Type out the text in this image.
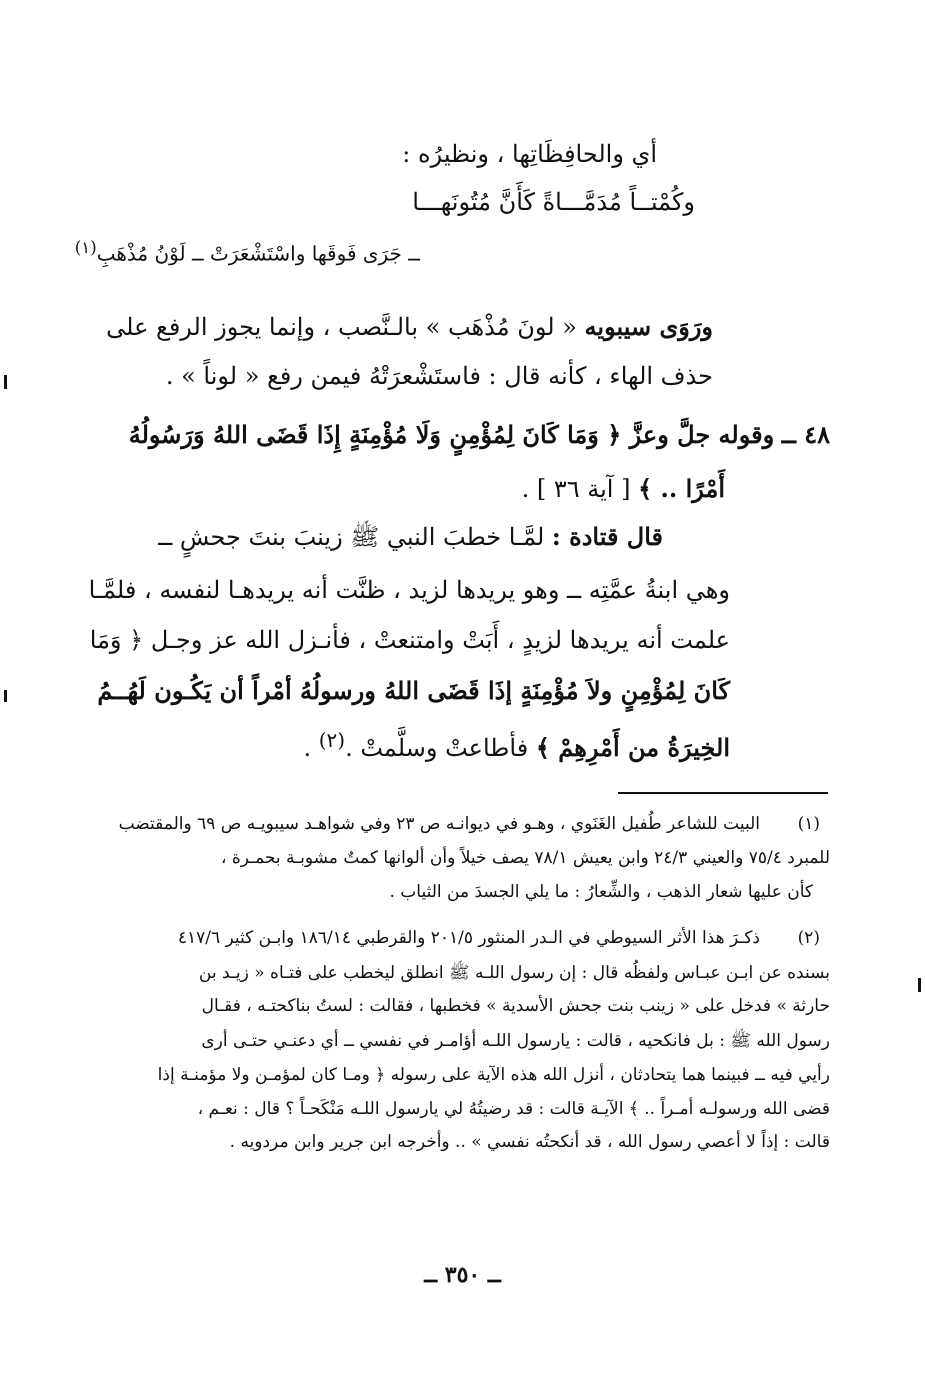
أي والحافِظَاتِها ، ونظيرُه :
وكُمْتــاً مُدَمَّـــاةً كَأَنَّ مُتُونَهـــا
ــ جَرَى فَوقَها واسْتَشْعَرَتْ ــ لَوْنُ مُذْهَبِ$^{(١)}$
ورَوَى سيبويه « لونَ مُذْهَب » بالـنَّصب ، وإنما يجوز الرفع على
حذف الهاء ، كأنه قال : فاستَشْعرَتْهُ فيمن رفع « لوناً » .
٤٨ ــ وقوله جلَّ وعزَّ ﴿ وَمَا كَانَ لِمُؤْمِنٍ وَلَا مُؤْمِنَةٍ إِذَا قَضَى اللهُ وَرَسُولُهُ
أَمْرًا .. ﴾ [ آية ٣٦ ] .
قال قتادة : لمَّـا خطبَ النبي ﷺ زينبَ بنتَ جحشٍ ــ
وهي ابنةُ عمَّتِه ــ وهو يريدها لزيد ، ظنَّت أنه يريدهـا لنفسه ، فلمَّـا
علمت أنه يريدها لزيدٍ ، أَبَتْ وامتنعتْ ، فأنـزل الله عز وجـل ﴿ وَمَا
كَانَ لِمُؤْمِنٍ ولاَ مُؤْمِنَةٍ إذَا قَضَى اللهُ ورسولُهُ أمْراً أن يَكُـون لَهُــمُ
الخِيرَةُ من أَمْرِهِمْ ﴾ فأطاعتْ وسلَّمتْ .$^{(٢)}$ .
(١)
البيت للشاعر طُفيل الغَنَوي ، وهـو في ديوانـه ص ٢٣ وفي شواهـد سيبويـه ص ٦٩ والمقتضب
للمبرد ٧٥/٤ والعيني ٢٤/٣ وابن يعيش ٧٨/١ يصف خيلاً وأن ألوانها كمتٌ مشوبـة بحمـرة ،
كأن عليها شعار الذهب ، والشِّعارُ : ما يلي الجسدَ من الثياب .
(٢)
ذكـرَ هذا الأثر السيوطي في الـدر المنثور ٢٠١/٥ والقرطبي ١٨٦/١٤ وابـن كثير ٤١٧/٦
بسنده عن ابـن عبـاس ولفظُه قال : إن رسول اللـه ﷺ انطلق ليخطب على فتـاه « زيـد بن
حارثة » فدخل على « زينب بنت جحش الأسدية » فخطبها ، فقالت : لستُ بناكحتـه ، فقـال
رسول الله ﷺ : بل فانكحيه ، قالت : يارسول اللـه أؤامـر في نفسي ــ أي دعنـي حتـى أرى
رأيي فيه ــ فبينما هما يتحادثان ، أنزل الله هذه الآية على رسوله ﴿ ومـا كان لمؤمـن ولا مؤمنـة إذا
قضى الله ورسولـه أمـراً .. ﴾ الآيـة قالت : قد رضيتُهُ لي يارسول اللـه مَنْكَحـاً ؟ قال : نعـم ،
قالت : إذاً لا أعصي رسول الله ، قد أنكحتُه نفسي » .. وأخرجه ابن جرير وابن مردويه .
ــ ٣٥٠ ــ
